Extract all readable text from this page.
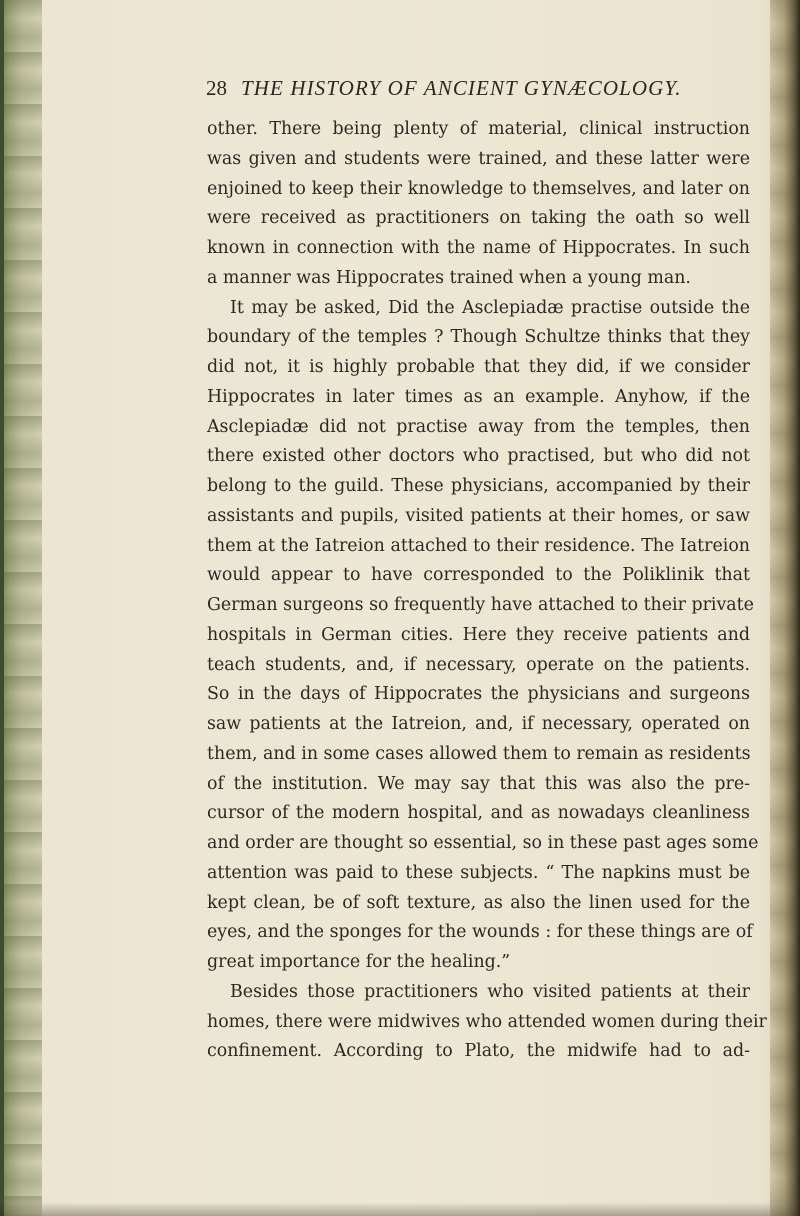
28 THE HISTORY OF ANCIENT GYNÆCOLOGY.
other. There being plenty of material, clinical instruction
was given and students were trained, and these latter were
enjoined to keep their knowledge to themselves, and later on
were received as practitioners on taking the oath so well
known in connection with the name of Hippocrates. In such
a manner was Hippocrates trained when a young man.
It may be asked, Did the Asclepiadæ practise outside the
boundary of the temples ? Though Schultze thinks that they
did not, it is highly probable that they did, if we consider
Hippocrates in later times as an example. Anyhow, if the
Asclepiadæ did not practise away from the temples, then
there existed other doctors who practised, but who did not
belong to the guild. These physicians, accompanied by their
assistants and pupils, visited patients at their homes, or saw
them at the Iatreion attached to their residence. The Iatreion
would appear to have corresponded to the Poliklinik that
German surgeons so frequently have attached to their private
hospitals in German cities. Here they receive patients and
teach students, and, if necessary, operate on the patients.
So in the days of Hippocrates the physicians and surgeons
saw patients at the Iatreion, and, if necessary, operated on
them, and in some cases allowed them to remain as residents
of the institution. We may say that this was also the pre-
cursor of the modern hospital, and as nowadays cleanliness
and order are thought so essential, so in these past ages some
attention was paid to these subjects. “ The napkins must be
kept clean, be of soft texture, as also the linen used for the
eyes, and the sponges for the wounds : for these things are of
great importance for the healing.”
Besides those practitioners who visited patients at their
homes, there were midwives who attended women during their
confinement. According to Plato, the midwife had to ad-
